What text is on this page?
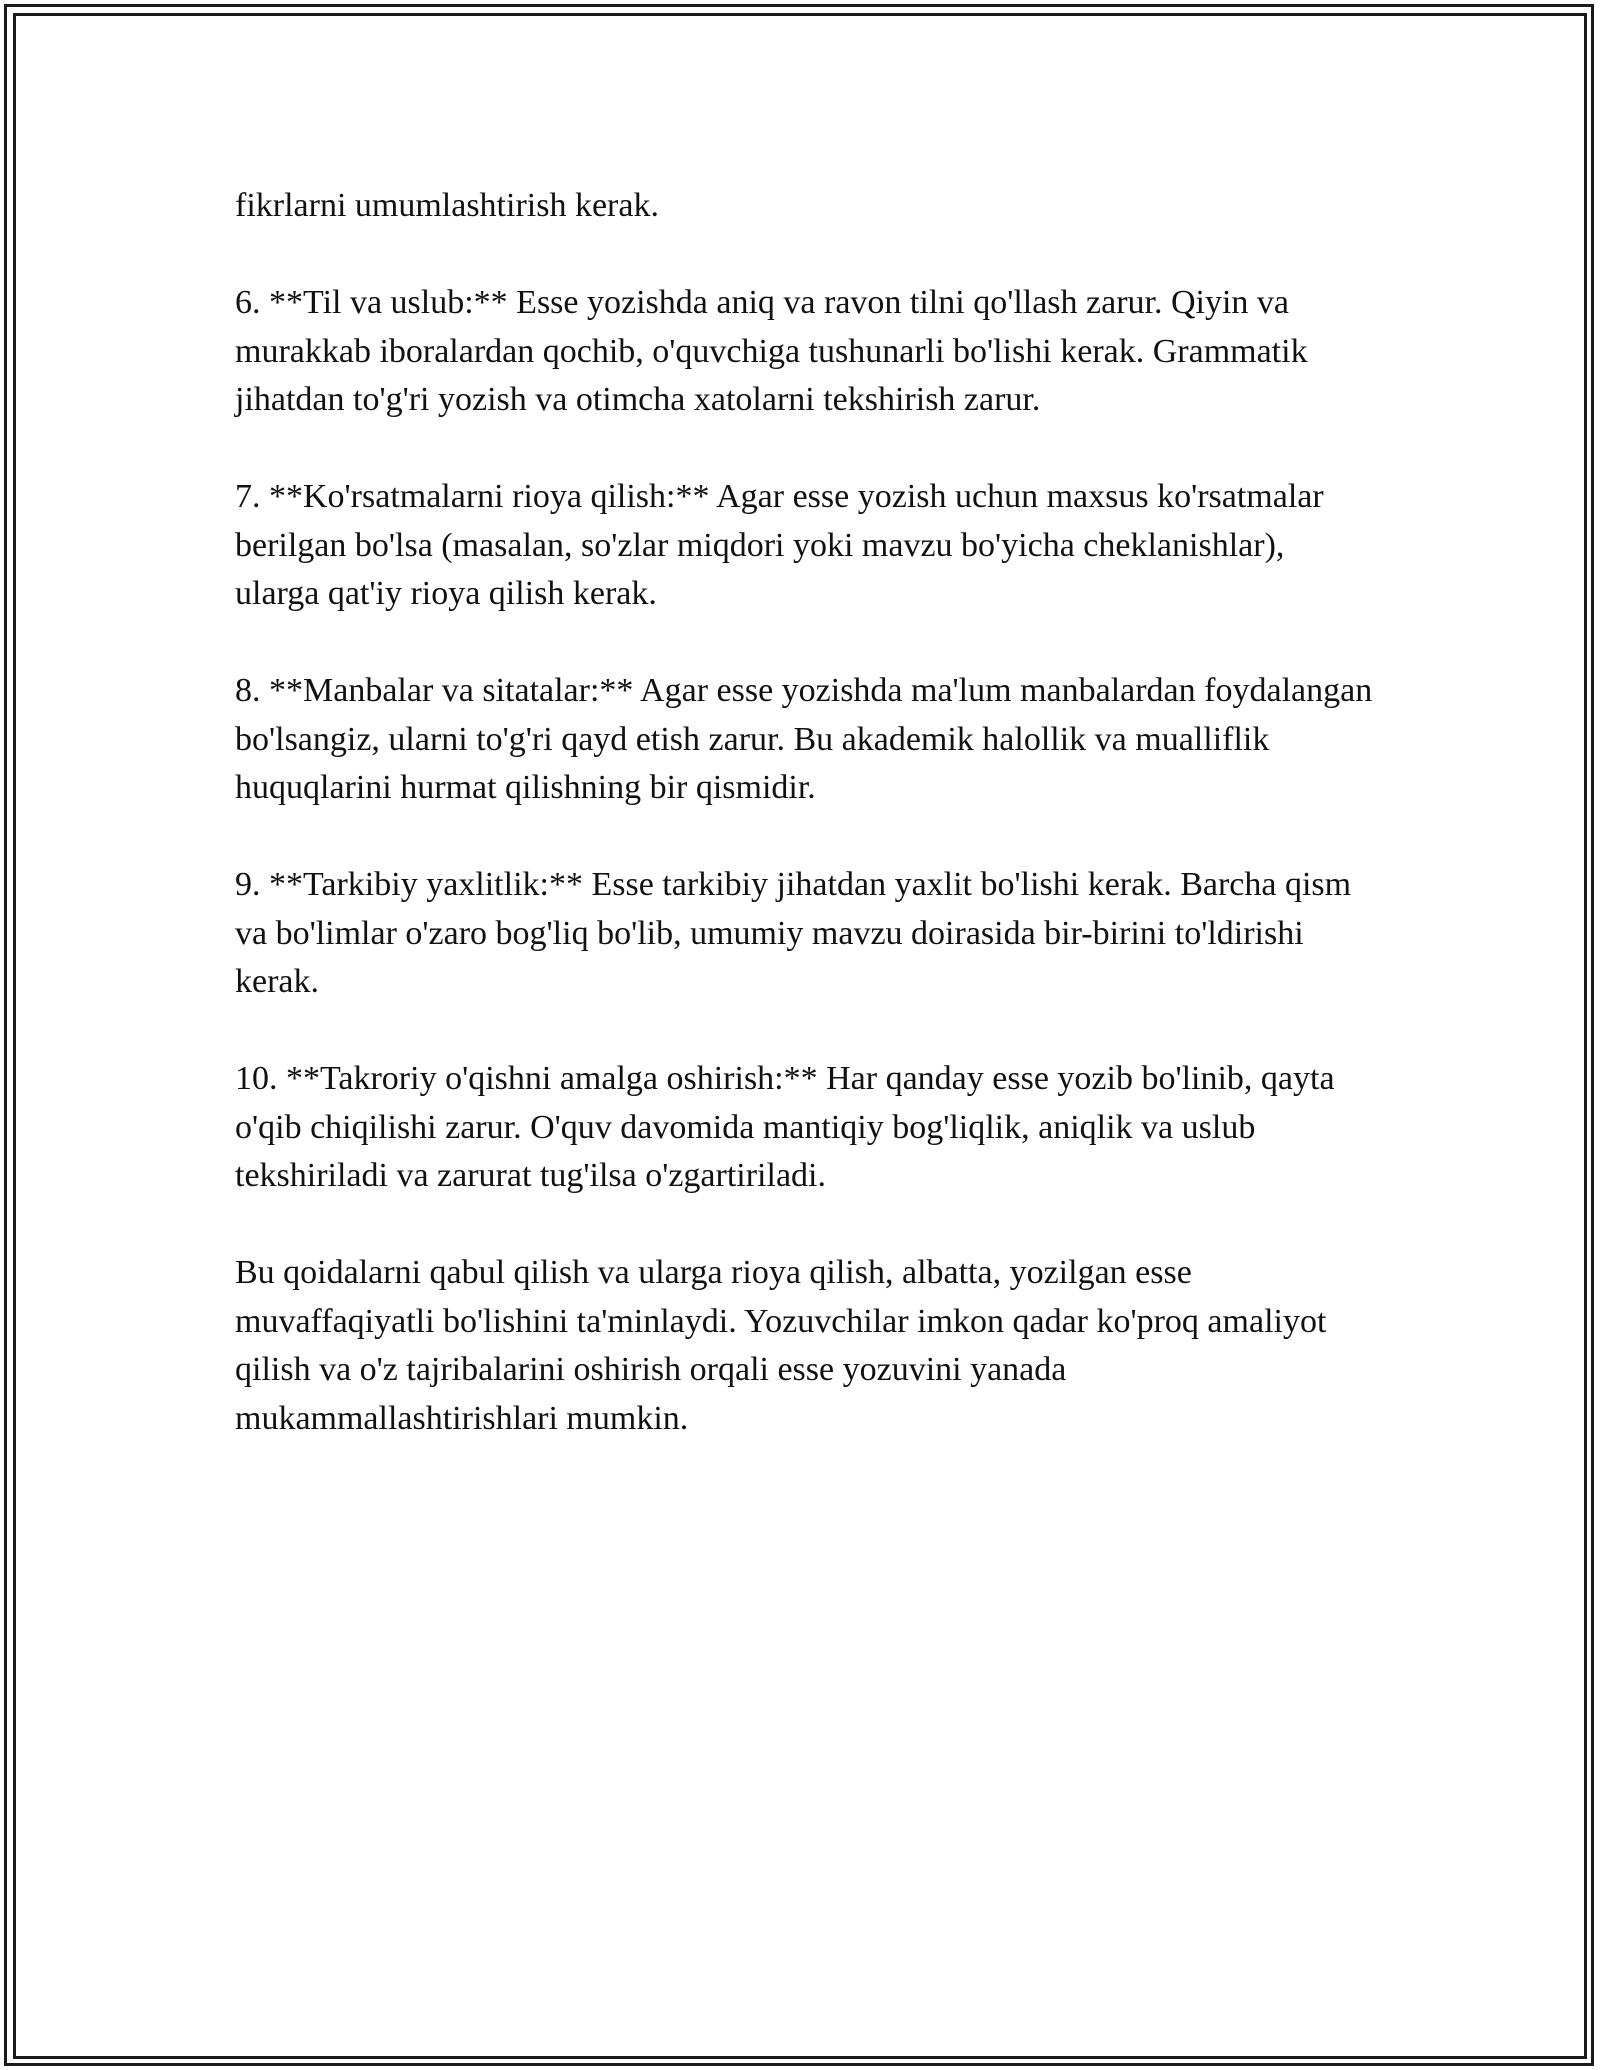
fikrlarni umumlashtirish kerak.

6. **Til va uslub:** Esse yozishda aniq va ravon tilni qo'llash zarur. Qiyin va murakkab iboralardan qochib, o'quvchiga tushunarli bo'lishi kerak. Grammatik jihatdan to'g'ri yozish va otimcha xatolarni tekshirish zarur.

7. **Ko'rsatmalarni rioya qilish:** Agar esse yozish uchun maxsus ko'rsatmalar berilgan bo'lsa (masalan, so'zlar miqdori yoki mavzu bo'yicha cheklanishlar), ularga qat'iy rioya qilish kerak.

8. **Manbalar va sitatalar:** Agar esse yozishda ma'lum manbalardan foydalangan bo'lsangiz, ularni to'g'ri qayd etish zarur. Bu akademik halollik va mualliflik huquqlarini hurmat qilishning bir qismidir.

9. **Tarkibiy yaxlitlik:** Esse tarkibiy jihatdan yaxlit bo'lishi kerak. Barcha qism va bo'limlar o'zaro bog'liq bo'lib, umumiy mavzu doirasida bir-birini to'ldirishi kerak.

10. **Takroriy o'qishni amalga oshirish:** Har qanday esse yozib bo'linib, qayta o'qib chiqilishi zarur. O'quv davomida mantiqiy bog'liqlik, aniqlik va uslub tekshiriladi va zarurat tug'ilsa o'zgartiriladi.

Bu qoidalarni qabul qilish va ularga rioya qilish, albatta, yozilgan esse muvaffaqiyatli bo'lishini ta'minlaydi. Yozuvchilar imkon qadar ko'proq amaliyot qilish va o'z tajribalarini oshirish orqali esse yozuvini yanada mukammallashtirishlari mumkin.
